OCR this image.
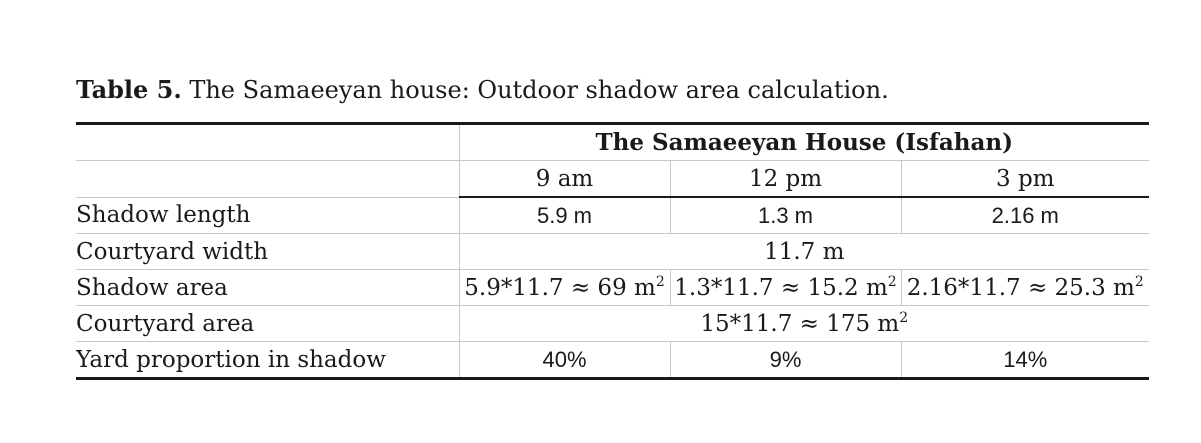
Table 5. The Samaeeyan house: Outdoor shadow area calculation.
	The Samaeeyan House (Isfahan)		
	9 am	12 pm	3 pm
Shadow length	5.9 m	1.3 m	2.16 m
Courtyard width	11.7 m		
Shadow area	5.9*11.7 ≈ 69 $m^2$	1.3*11.7 ≈ 15.2 $m^2$	2.16*11.7 ≈ 25.3 $m^2$
Courtyard area	15*11.7 ≈ 175 $m^2$
Yard proportion in shadow	40%	9%	14%
